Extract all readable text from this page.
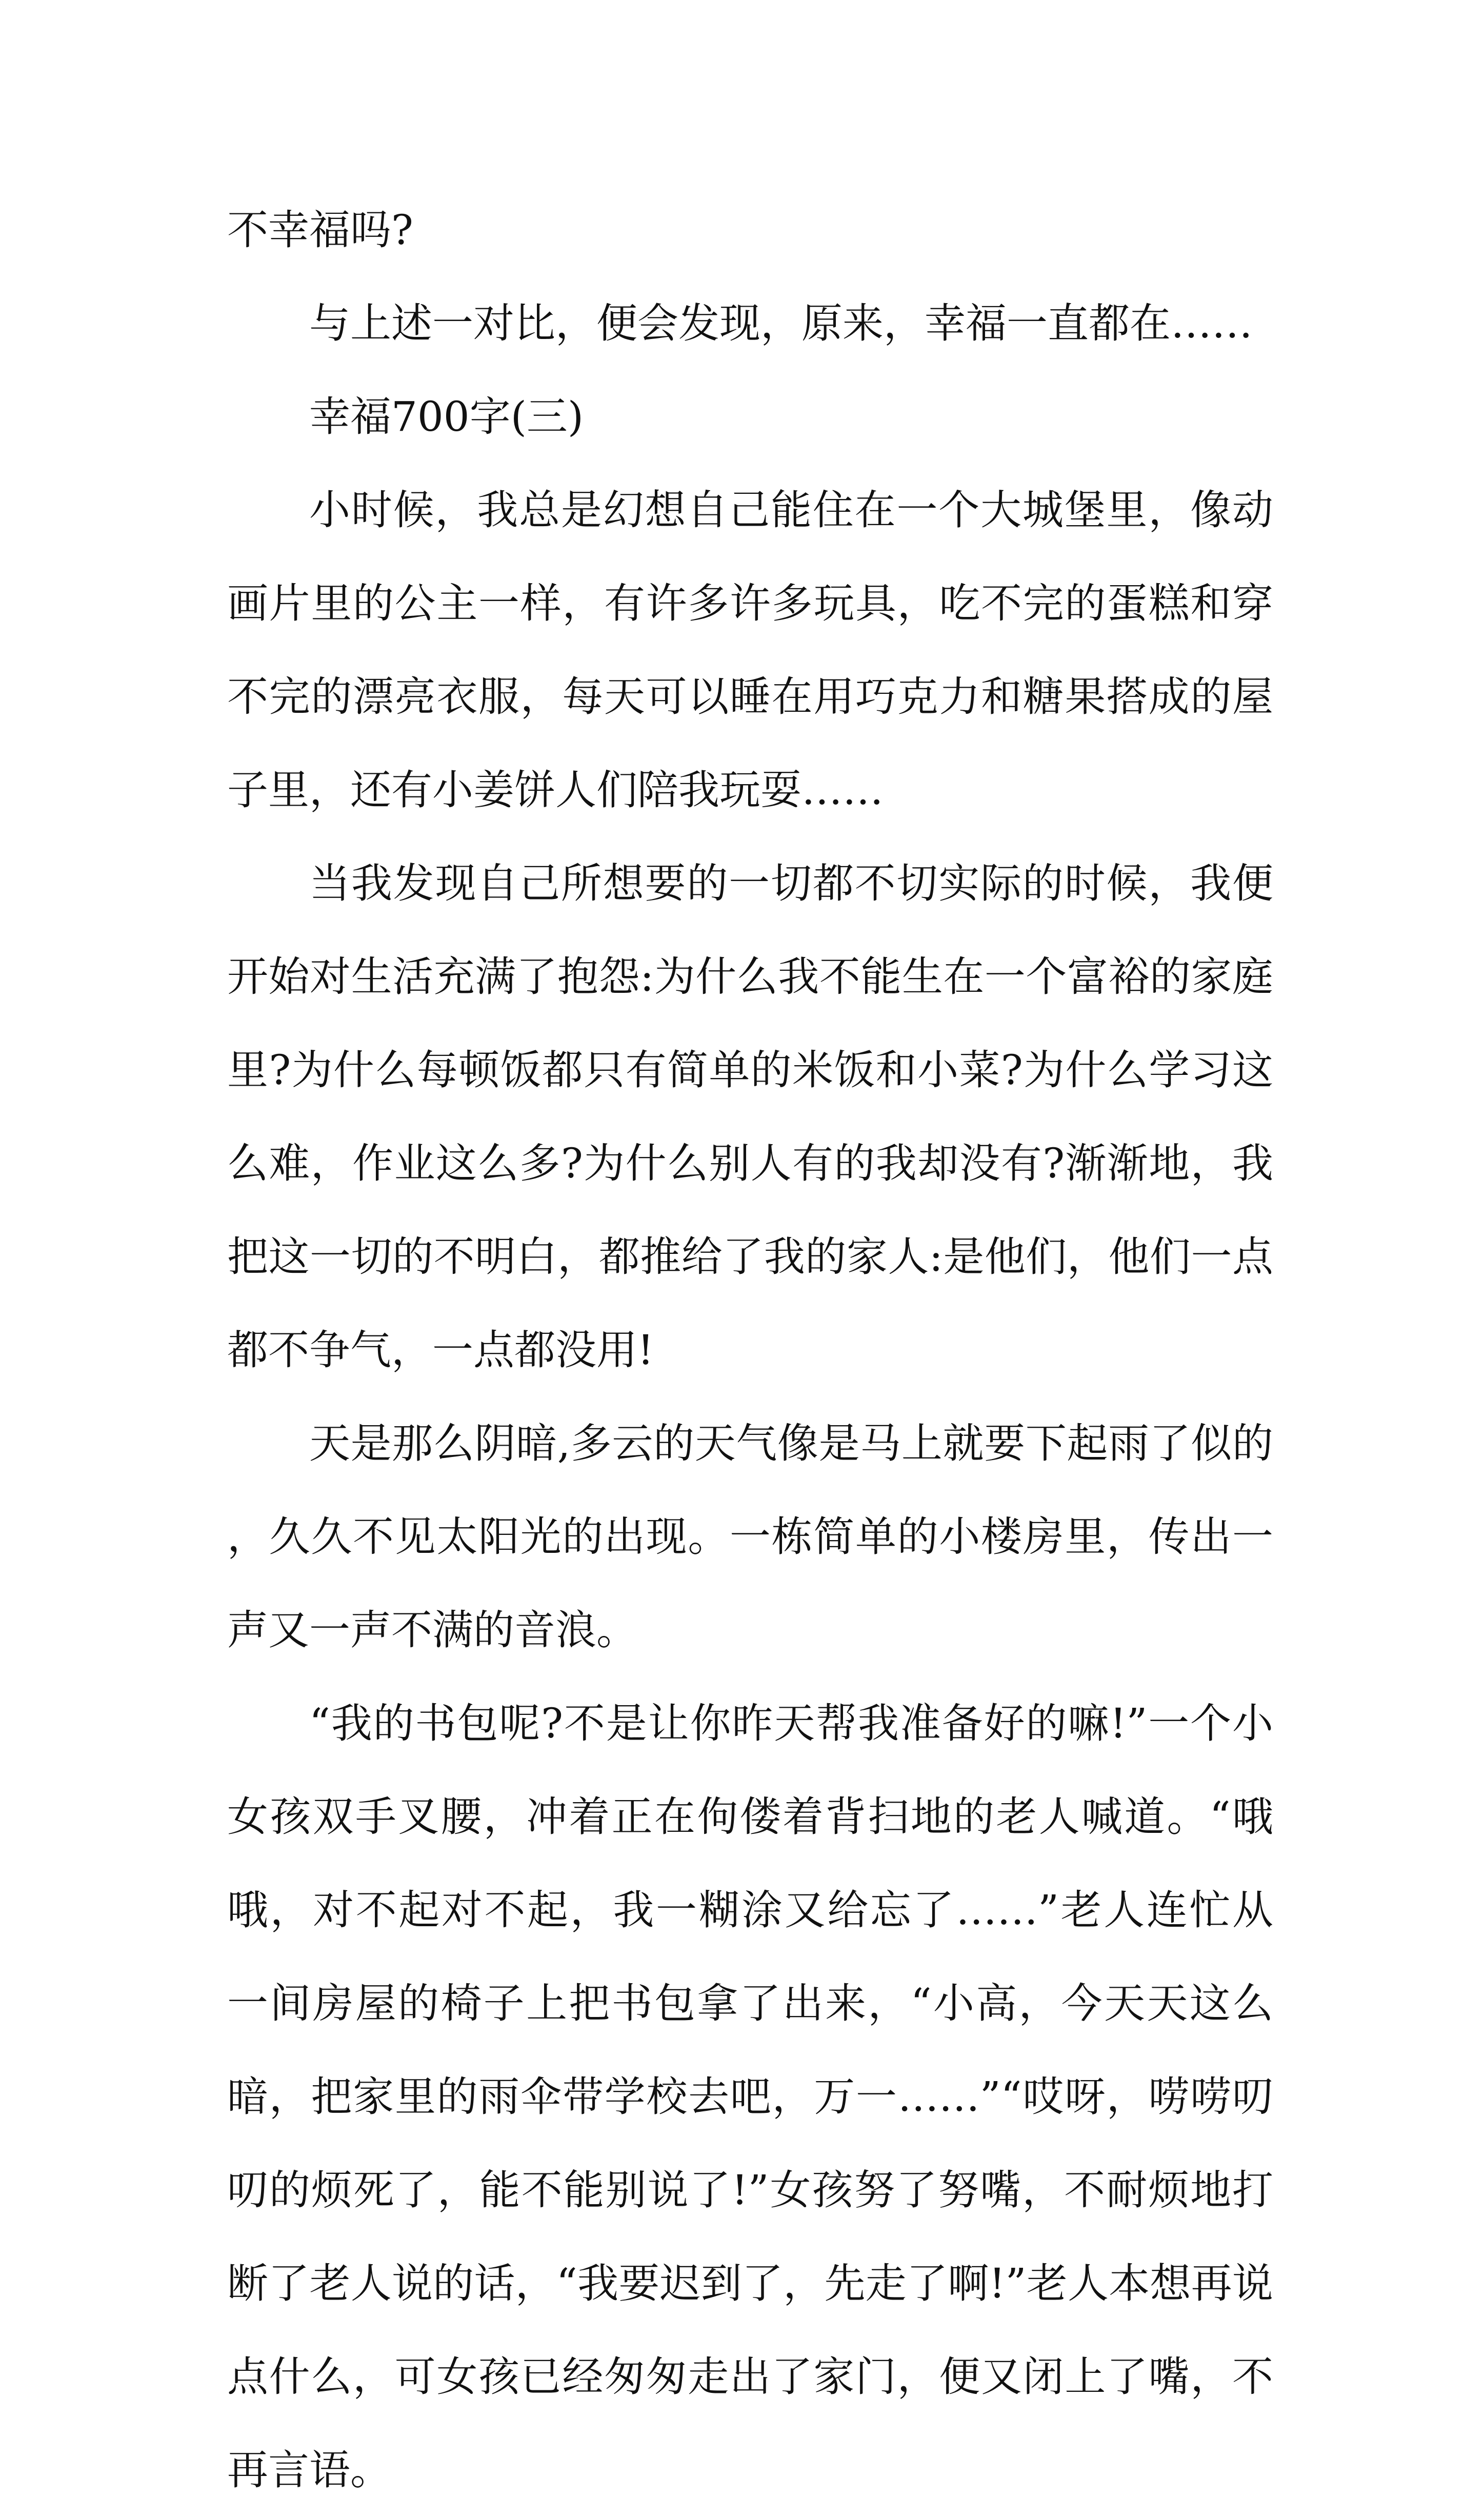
不幸福吗?

与上述一对比，便会发现，原来，幸福一直都在……

幸福700字(三)

小时候，我总是幻想自己能住在一个大城堡里，像动画片里的公主一样，有许多许多玩具，吃不完的蛋糕和穿不完的漂亮衣服，每天可以睡在用巧克力和糖果搭成的屋子里，还有小姜饼人们陪我玩耍……

当我发现自己所想要的一切都不切实际的时候，我便开始对生活充满了抱怨:为什么我不能生在一个富裕的家庭里?为什么每顿饭都只有简单的米饭和小菜?为什么学习这么难，作业这么多?为什么别人有的我却没有?渐渐地，我把这一切的不明白，都推给了我的家人:是他们，他们一点都不争气，一点都没用!

天是那么阴暗,多云的天气像是马上就要下起雨了似的，久久不见太阳光的出现。一栋简单的小楼房里，传出一声又一声不满的音浪。

“我的书包呢?不是让你昨天帮我准备好的嘛!”一个小女孩双手叉腰，冲着正在佝偻着背扫地的老人喊道。“哦哦，对不起对不起，我一糊涂又给忘了……”老人连忙从一间房屋的椅子上把书包拿了出来，“小高，今天天这么暗，把家里的雨伞带学校去吧，万一……”“哎呀，唠唠叨叨的烦死了，能不能别说了!”女孩努了努嘴，不耐烦地打断了老人说的话，“我要迟到了，先走了啊!”老人本想再说点什么，可女孩已经匆匆走出了家门，便又闭上了嘴，不再言语。
